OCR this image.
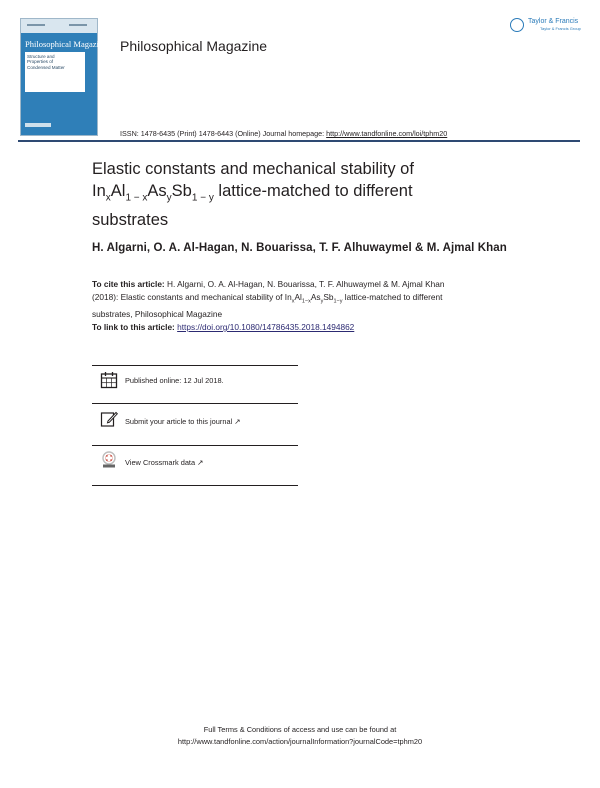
Philosophical Magazine
Structure and
Properties of
Condensed Matter
Philosophical Magazine
Taylor & Francis
Taylor & Francis Group
ISSN: 1478-6435 (Print) 1478-6443 (Online) Journal homepage: http://www.tandfonline.com/loi/tphm20
Elastic constants and mechanical stability of
$In_xAl_{1 - x}As_ySb_{1 - y}$ lattice-matched to different
substrates
H. Algarni, O. A. Al-Hagan, N. Bouarissa, T. F. Alhuwaymel & M. Ajmal Khan
To cite this article: H. Algarni, O. A. Al-Hagan, N. Bouarissa, T. F. Alhuwaymel & M. Ajmal Khan
(2018): Elastic constants and mechanical stability of $In_xAl_{1-x}As_ySb_{1-y}$ lattice-matched to different
substrates, Philosophical Magazine
To link to this article: https://doi.org/10.1080/14786435.2018.1494862
Published online: 12 Jul 2018.
Submit your article to this journal ↗
View Crossmark data ↗
Full Terms & Conditions of access and use can be found at
http://www.tandfonline.com/action/journalInformation?journalCode=tphm20
